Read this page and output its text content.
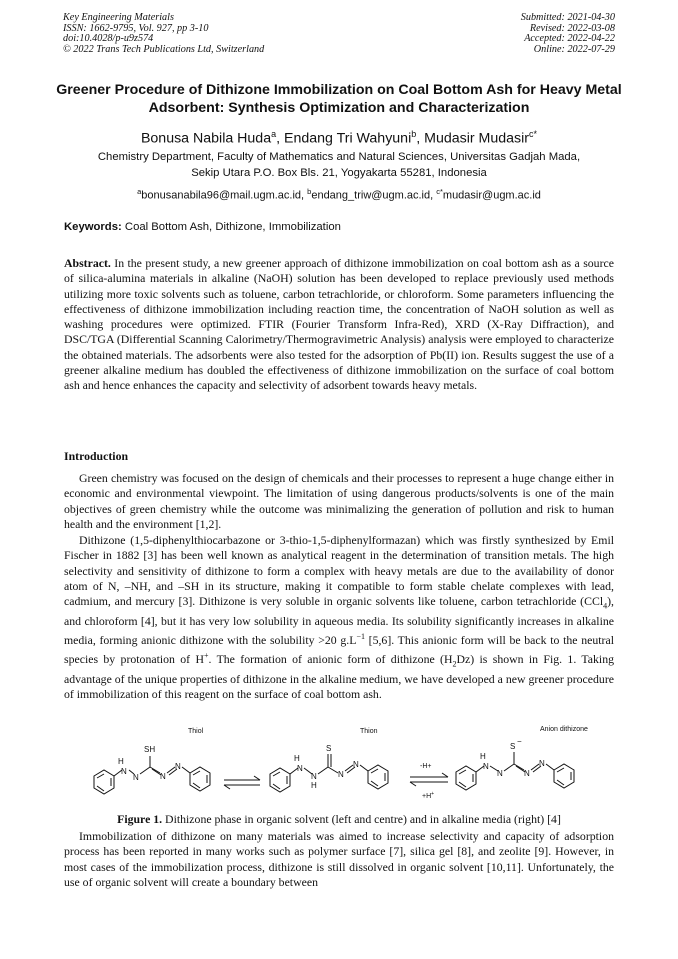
Key Engineering Materials
ISSN: 1662-9795, Vol. 927, pp 3-10
doi:10.4028/p-u9z574
© 2022 Trans Tech Publications Ltd, Switzerland
Submitted: 2021-04-30
Revised: 2022-03-08
Accepted: 2022-04-22
Online: 2022-07-29
Greener Procedure of Dithizone Immobilization on Coal Bottom Ash for Heavy Metal Adsorbent: Synthesis Optimization and Characterization
Bonusa Nabila Huda$^a$, Endang Tri Wahyuni$^b$, Mudasir Mudasir$^{c*}$
Chemistry Department, Faculty of Mathematics and Natural Sciences, Universitas Gadjah Mada,
Sekip Utara P.O. Box Bls. 21, Yogyakarta 55281, Indonesia
$^a$bonusanabila96@mail.ugm.ac.id, $^b$endang_triw@ugm.ac.id, $^{c*}$mudasir@ugm.ac.id
Keywords: Coal Bottom Ash, Dithizone, Immobilization
Abstract. In the present study, a new greener approach of dithizone immobilization on coal bottom ash as a source of silica-alumina materials in alkaline (NaOH) solution has been developed to replace previously used methods utilizing more toxic solvents such as toluene, carbon tetrachloride, or chloroform. Some parameters influencing the effectiveness of dithizone immobilization including reaction time, the concentration of NaOH solution as well as washing procedures were optimized. FTIR (Fourier Transform Infra-Red), XRD (X-Ray Diffraction), and DSC/TGA (Differential Scanning Calorimetry/Thermogravimetric Analysis) analysis were employed to characterize the obtained materials. The adsorbents were also tested for the adsorption of Pb(II) ion. Results suggest the use of a greener alkaline medium has doubled the effectiveness of dithizone immobilization on the surface of coal bottom ash and hence enhances the capacity and selectivity of adsorbent towards heavy metals.
Introduction
Green chemistry was focused on the design of chemicals and their processes to represent a huge change either in economic and environmental viewpoint. The limitation of using dangerous products/solvents is one of the main objectives of green chemistry while the outcome was minimalizing the generation of pollution and risk to human health and the environment [1,2].
Dithizone (1,5-diphenylthiocarbazone or 3-thio-1,5-diphenylformazan) which was firstly synthesized by Emil Fischer in 1882 [3] has been well known as analytical reagent in the determination of transition metals. The high selectivity and sensitivity of dithizone to form a complex with heavy metals are due to the availability of donor atom of N, –NH, and –SH in its structure, making it compatible to form stable chelate complexes with lead, cadmium, and mercury [3]. Dithizone is very soluble in organic solvents like toluene, carbon tetrachloride (CCl$_4$), and chloroform [4], but it has very low solubility in aqueous media. Its solubility significantly increases in alkaline media, forming anionic dithizone with the solubility >20 $g.L^{-1}$ [5,6]. This anionic form will be back to the neutral species by protonation of H+. The formation of anionic form of dithizone $(H_2Dz)$ is shown in Fig. 1. Taking advantage of the unique properties of dithizone in the alkaline medium, we have developed a new greener procedure of immobilization of this reagent on the surface of coal bottom ash.
Thiol	Thion	Anion dithizone
SH
H
N
N	N
N
S
H
N
N
H
N
N
S
−
H
N
N	N
N
-H+
+H+
Figure 1. Dithizone phase in organic solvent (left and centre) and in alkaline media (right) [4]
Immobilization of dithizone on many materials was aimed to increase selectivity and capacity of adsorption process has been reported in many works such as polymer surface [7], silica gel [8], and zeolite [9]. However, in most cases of the immobilization process, dithizone is still dissolved in organic solvent [10,11]. Unfortunately, the use of organic solvent will create a boundary between
